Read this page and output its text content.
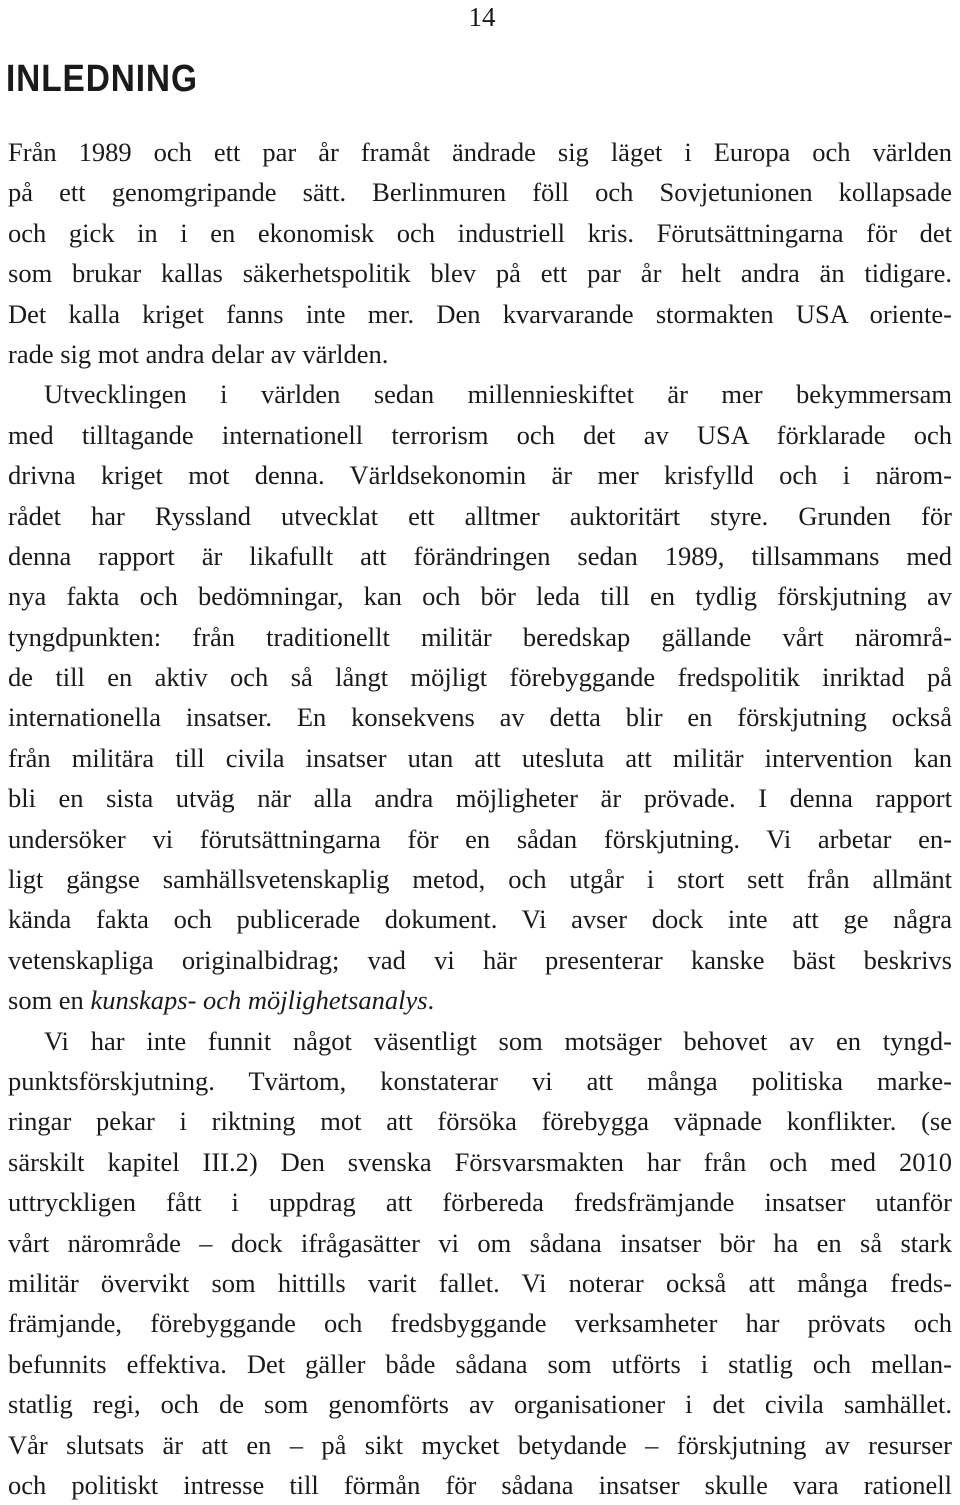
14
INLEDNING
Från 1989 och ett par år framåt ändrade sig läget i Europa och världen
på ett genomgripande sätt. Berlinmuren föll och Sovjetunionen kollapsade
och gick in i en ekonomisk och industriell kris. Förutsättningarna för det
som brukar kallas säkerhetspolitik blev på ett par år helt andra än tidigare.
Det kalla kriget fanns inte mer. Den kvarvarande stormakten USA oriente-
rade sig mot andra delar av världen.
Utvecklingen i världen sedan millennieskiftet är mer bekymmersam
med tilltagande internationell terrorism och det av USA förklarade och
drivna kriget mot denna. Världsekonomin är mer krisfylld och i närom-
rådet har Ryssland utvecklat ett alltmer auktoritärt styre. Grunden för
denna rapport är likafullt att förändringen sedan 1989, tillsammans med
nya fakta och bedömningar, kan och bör leda till en tydlig förskjutning av
tyngdpunkten: från traditionellt militär beredskap gällande vårt närområ-
de till en aktiv och så långt möjligt förebyggande fredspolitik inriktad på
internationella insatser. En konsekvens av detta blir en förskjutning också
från militära till civila insatser utan att utesluta att militär intervention kan
bli en sista utväg när alla andra möjligheter är prövade. I denna rapport
undersöker vi förutsättningarna för en sådan förskjutning. Vi arbetar en-
ligt gängse samhällsvetenskaplig metod, och utgår i stort sett från allmänt
kända fakta och publicerade dokument. Vi avser dock inte att ge några
vetenskapliga originalbidrag; vad vi här presenterar kanske bäst beskrivs
som en kunskaps- och möjlighetsanalys.
Vi har inte funnit något väsentligt som motsäger behovet av en tyngd-
punktsförskjutning. Tvärtom, konstaterar vi att många politiska marke-
ringar pekar i riktning mot att försöka förebygga väpnade konflikter. (se
särskilt kapitel III.2) Den svenska Försvarsmakten har från och med 2010
uttryckligen fått i uppdrag att förbereda fredsfrämjande insatser utanför
vårt närområde – dock ifrågasätter vi om sådana insatser bör ha en så stark
militär övervikt som hittills varit fallet. Vi noterar också att många freds-
främjande, förebyggande och fredsbyggande verksamheter har prövats och
befunnits effektiva. Det gäller både sådana som utförts i statlig och mellan-
statlig regi, och de som genomförts av organisationer i det civila samhället.
Vår slutsats är att en – på sikt mycket betydande – förskjutning av resurser
och politiskt intresse till förmån för sådana insatser skulle vara rationell
